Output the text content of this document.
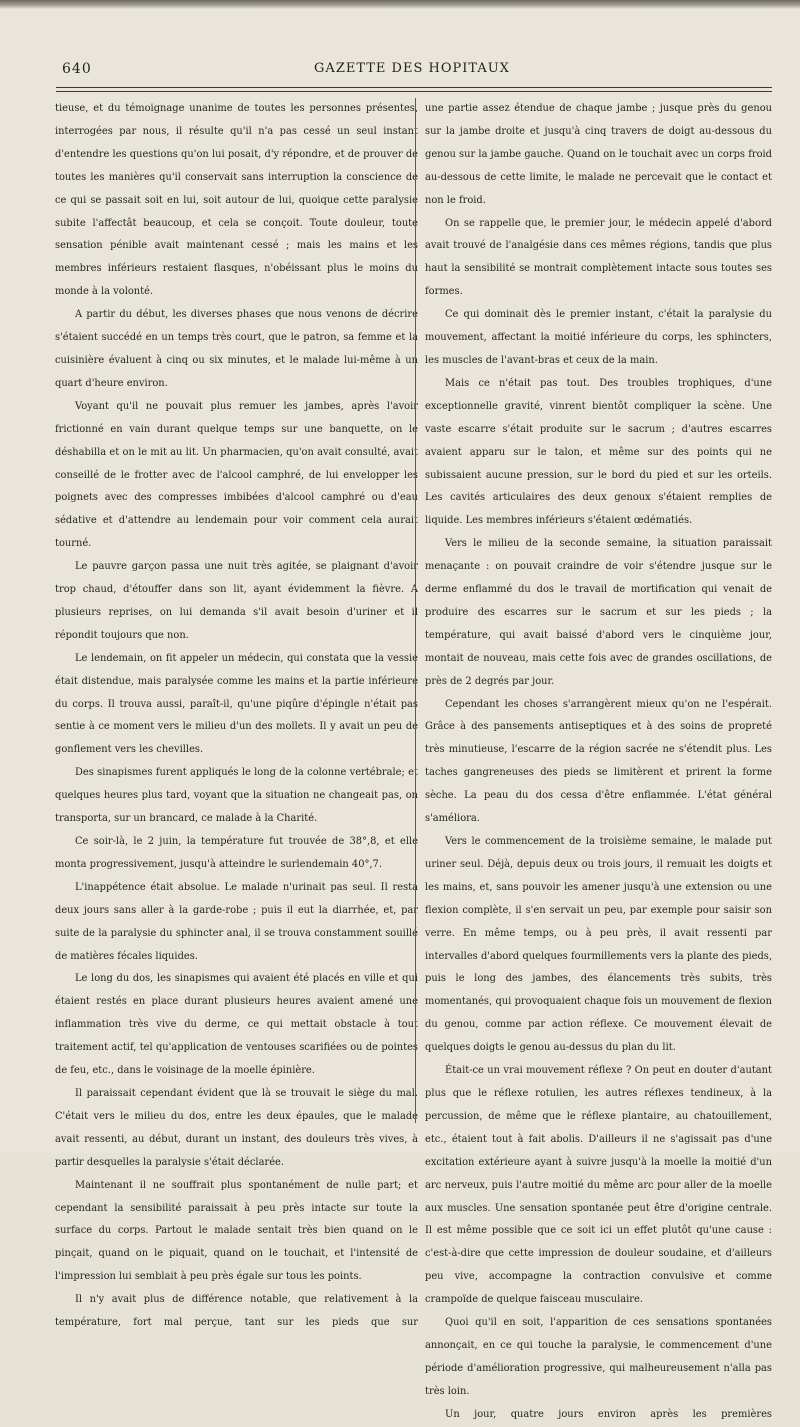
640	GAZETTE DES HOPITAUX

tieuse, et du témoignage unanime de toutes les personnes présentes, interrogées par nous, il résulte qu'il n'a pas cessé un seul instant d'entendre les questions qu'on lui posait, d'y répondre, et de prouver de toutes les manières qu'il conservait sans interruption la conscience de ce qui se passait soit en lui, soit autour de lui, quoique cette paralysie subite l'affectât beaucoup, et cela se conçoit. Toute douleur, toute sensation pénible avait maintenant cessé ; mais les mains et les membres inférieurs restaient flasques, n'obéissant plus le moins du monde à la volonté.

A partir du début, les diverses phases que nous venons de décrire s'étaient succédé en un temps très court, que le patron, sa femme et la cuisinière évaluent à cinq ou six minutes, et le malade lui-même à un quart d'heure environ.

Voyant qu'il ne pouvait plus remuer les jambes, après l'avoir frictionné en vain durant quelque temps sur une banquette, on le déshabilla et on le mit au lit. Un pharmacien, qu'on avait consulté, avait conseillé de le frotter avec de l'alcool camphré, de lui envelopper les poignets avec des compresses imbibées d'alcool camphré ou d'eau sédative et d'attendre au lendemain pour voir comment cela aurait tourné.

Le pauvre garçon passa une nuit très agitée, se plaignant d'avoir trop chaud, d'étouffer dans son lit, ayant évidemment la fièvre. A plusieurs reprises, on lui demanda s'il avait besoin d'uriner et il répondit toujours que non.

Le lendemain, on fit appeler un médecin, qui constata que la vessie était distendue, mais paralysée comme les mains et la partie inférieure du corps. Il trouva aussi, paraît-il, qu'une piqûre d'épingle n'était pas sentie à ce moment vers le milieu d'un des mollets. Il y avait un peu de gonflement vers les chevilles.

Des sinapismes furent appliqués le long de la colonne vertébrale; et quelques heures plus tard, voyant que la situation ne changeait pas, on transporta, sur un brancard, ce malade à la Charité.

Ce soir-là, le 2 juin, la température fut trouvée de 38°,8, et elle monta progressivement, jusqu'à atteindre le surlendemain 40°,7.

L'inappétence était absolue. Le malade n'urinait pas seul. Il resta deux jours sans aller à la garde-robe ; puis il eut la diarrhée, et, par suite de la paralysie du sphincter anal, il se trouva constamment souillé de matières fécales liquides.

Le long du dos, les sinapismes qui avaient été placés en ville et qui étaient restés en place durant plusieurs heures avaient amené une inflammation très vive du derme, ce qui mettait obstacle à tout traitement actif, tel qu'application de ventouses scarifiées ou de pointes de feu, etc., dans le voisinage de la moelle épinière.

Il paraissait cependant évident que là se trouvait le siège du mal. C'était vers le milieu du dos, entre les deux épaules, que le malade avait ressenti, au début, durant un instant, des douleurs très vives, à partir desquelles la paralysie s'était déclarée.

Maintenant il ne souffrait plus spontanément de nulle part; et cependant la sensibilité paraissait à peu près intacte sur toute la surface du corps. Partout le malade sentait très bien quand on le pinçait, quand on le piquait, quand on le touchait, et l'intensité de l'impression lui semblait à peu près égale sur tous les points.

Il n'y avait plus de différence notable, que relativement à la température, fort mal perçue, tant sur les pieds que sur

une partie assez étendue de chaque jambe ; jusque près du genou sur la jambe droite et jusqu'à cinq travers de doigt au-dessous du genou sur la jambe gauche. Quand on le touchait avec un corps froid au-dessous de cette limite, le malade ne percevait que le contact et non le froid.

On se rappelle que, le premier jour, le médecin appelé d'abord avait trouvé de l'analgésie dans ces mêmes régions, tandis que plus haut la sensibilité se montrait complètement intacte sous toutes ses formes.

Ce qui dominait dès le premier instant, c'était la paralysie du mouvement, affectant la moitié inférieure du corps, les sphincters, les muscles de l'avant-bras et ceux de la main.

Mais ce n'était pas tout. Des troubles trophiques, d'une exceptionnelle gravité, vinrent bientôt compliquer la scène. Une vaste escarre s'était produite sur le sacrum ; d'autres escarres avaient apparu sur le talon, et même sur des points qui ne subissaient aucune pression, sur le bord du pied et sur les orteils. Les cavités articulaires des deux genoux s'étaient remplies de liquide. Les membres inférieurs s'étaient œdématiés.

Vers le milieu de la seconde semaine, la situation paraissait menaçante : on pouvait craindre de voir s'étendre jusque sur le derme enflammé du dos le travail de mortification qui venait de produire des escarres sur le sacrum et sur les pieds ; la température, qui avait baissé d'abord vers le cinquième jour, montait de nouveau, mais cette fois avec de grandes oscillations, de près de 2 degrés par jour.

Cependant les choses s'arrangèrent mieux qu'on ne l'espérait. Grâce à des pansements antiseptiques et à des soins de propreté très minutieuse, l'escarre de la région sacrée ne s'étendit plus. Les taches gangreneuses des pieds se limitèrent et prirent la forme sèche. La peau du dos cessa d'être enflammée. L'état général s'améliora.

Vers le commencement de la troisième semaine, le malade put uriner seul. Déjà, depuis deux ou trois jours, il remuait les doigts et les mains, et, sans pouvoir les amener jusqu'à une extension ou une flexion complète, il s'en servait un peu, par exemple pour saisir son verre. En même temps, ou à peu près, il avait ressenti par intervalles d'abord quelques fourmillements vers la plante des pieds, puis le long des jambes, des élancements très subits, très momentanés, qui provoquaient chaque fois un mouvement de flexion du genou, comme par action réflexe. Ce mouvement élevait de quelques doigts le genou au-dessus du plan du lit.

Était-ce un vrai mouvement réflexe ? On peut en douter d'autant plus que le réflexe rotulien, les autres réflexes tendineux, à la percussion, de même que le réflexe plantaire, au chatouillement, etc., étaient tout à fait abolis. D'ailleurs il ne s'agissait pas d'une excitation extérieure ayant à suivre jusqu'à la moelle la moitié d'un arc nerveux, puis l'autre moitié du même arc pour aller de la moelle aux muscles. Une sensation spontanée peut être d'origine centrale. Il est même possible que ce soit ici un effet plutôt qu'une cause : c'est-à-dire que cette impression de douleur soudaine, et d'ailleurs peu vive, accompagne la contraction convulsive et comme crampoïde de quelque faisceau musculaire.

Quoi qu'il en soit, l'apparition de ces sensations spontanées annonçait, en ce qui touche la paralysie, le commencement d'une période d'amélioration progressive, qui malheureusement n'alla pas très loin.

Un jour, quatre jours environ après les premières
